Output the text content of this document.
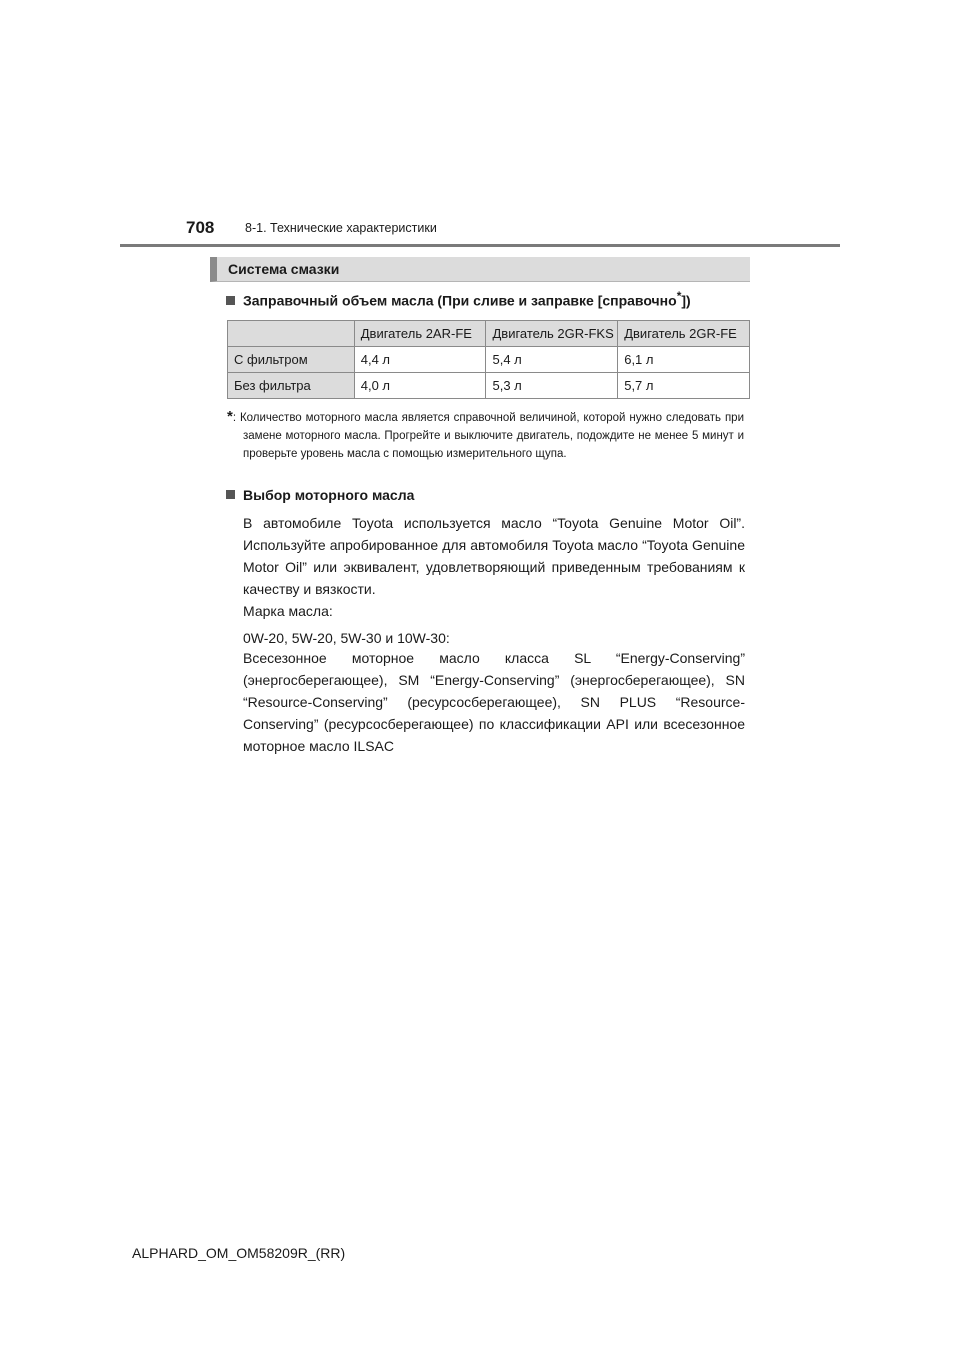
708 8-1. Технические характеристики
Система смазки
Заправочный объем масла (При сливе и заправке [справочно*])
	Двигатель 2AR-FE	Двигатель 2GR-FKS	Двигатель 2GR-FE
С фильтром	4,4 л	5,4 л	6,1 л
Без фильтра	4,0 л	5,3 л	5,7 л
*: Количество моторного масла является справочной величиной, которой нужно следовать при замене моторного масла. Прогрейте и выключите двигатель, подождите не менее 5 минут и проверьте уровень масла с помощью измерительного щупа.
Выбор моторного масла
В автомобиле Toyota используется масло “Toyota Genuine Motor Oil”. Используйте апробированное для автомобиля Toyota масло “Toyota Genuine Motor Oil” или эквивалент, удовлетворяющий приведенным требованиям к качеству и вязкости.
Марка масла:
0W-20, 5W-20, 5W-30 и 10W-30:
Всесезонное моторное масло класса SL “Energy-Conserving” (энергосберегающее), SM “Energy-Conserving” (энергосберегающее), SN “Resource-Conserving” (ресурсосберегающее), SN PLUS “Resource-Conserving” (ресурсосберегающее) по классификации API или всесезонное моторное масло ILSAC
ALPHARD_OM_OM58209R_(RR)
